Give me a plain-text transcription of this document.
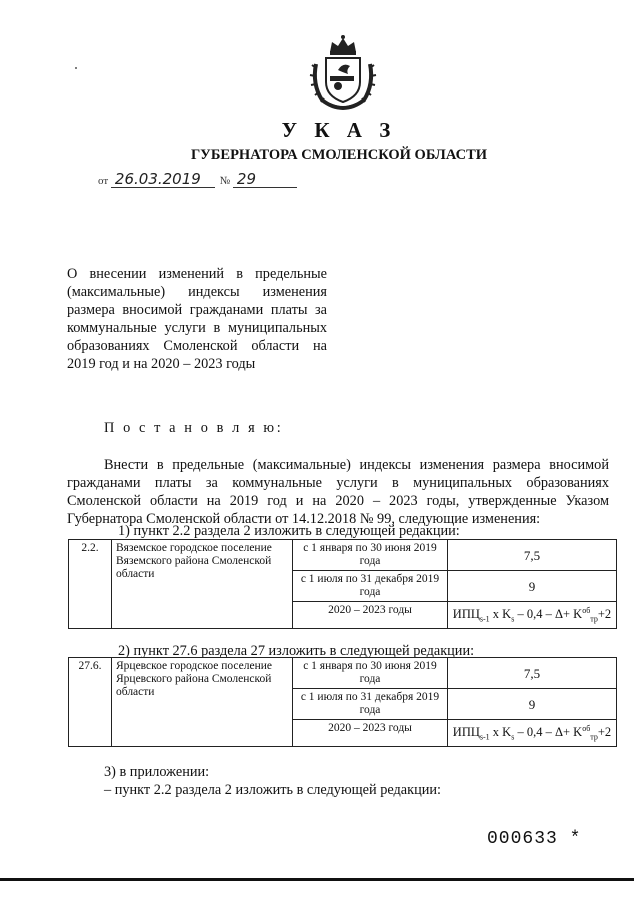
У К А З
ГУБЕРНАТОРА СМОЛЕНСКОЙ ОБЛАСТИ
от 26.03.2019 № 29
О внесении изменений в предельные (максимальные) индексы изменения размера вносимой гражданами платы за коммунальные услуги в муниципальных образованиях Смоленской области на 2019 год и на 2020 – 2023 годы
П о с т а н о в л я ю:
Внести в предельные (максимальные) индексы изменения размера вносимой гражданами платы за коммунальные услуги в муниципальных образованиях Смоленской области на 2019 год и на 2020 – 2023 годы, утвержденные Указом Губернатора Смоленской области от 14.12.2018 № 99, следующие изменения:
1) пункт 2.2 раздела 2 изложить в следующей редакции:
2.2.	Вяземское городское поселение Вяземского района Смоленской области	с 1 января по 30 июня 2019 года	7,5
		с 1 июля по 31 декабря 2019 года	9
		2020 – 2023 годы	$ИПЦ_{s-1}$ x $K_s - 0,4 - \Delta+ K^{об}_{тр}+2$
2) пункт 27.6 раздела 27 изложить в следующей редакции:
27.6.	Ярцевское городское поселение Ярцевского района Смоленской области	с 1 января по 30 июня 2019 года	7,5
		с 1 июля по 31 декабря 2019 года	9
		2020 – 2023 годы	$ИПЦ_{s-1}$ x $K_s - 0,4 - \Delta+ K^{об}_{тр}+2$
3) в приложении:
– пункт 2.2 раздела 2 изложить в следующей редакции:
000633 *
